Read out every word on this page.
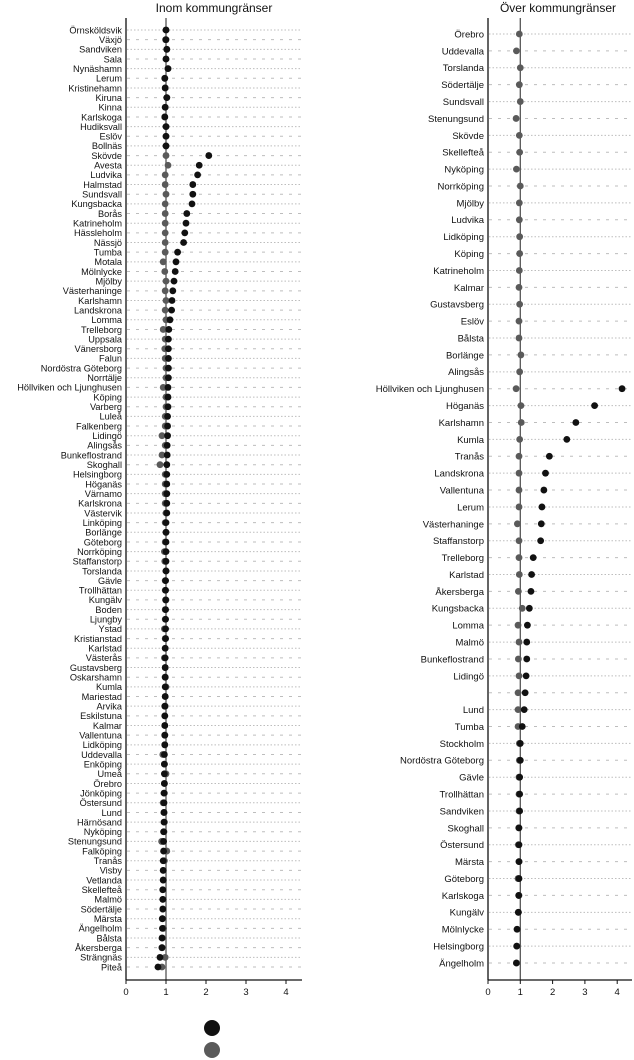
Inom kommungränser
Örnsköldsvik
Växjö
Sandviken
Sala
Nynäshamn
Lerum
Kristinehamn
Kiruna
Kinna
Karlskoga
Hudiksvall
Eslöv
Bollnäs
Skövde
Avesta
Ludvika
Halmstad
Sundsvall
Kungsbacka
Borås
Katrineholm
Hässleholm
Nässjö
Tumba
Motala
Mölnlycke
Mjölby
Västerhaninge
Karlshamn
Landskrona
Lomma
Trelleborg
Uppsala
Vänersborg
Falun
Nordöstra Göteborg
Norrtälje
Höllviken och Ljunghusen
Köping
Varberg
Luleå
Falkenberg
Lidingö
Alingsås
Bunkeflostrand
Skoghall
Helsingborg
Höganäs
Värnamo
Karlskrona
Västervik
Linköping
Borlänge
Göteborg
Norrköping
Staffanstorp
Torslanda
Gävle
Trollhättan
Kungälv
Boden
Ljungby
Ystad
Kristianstad
Karlstad
Västerås
Gustavsberg
Oskarshamn
Kumla
Mariestad
Arvika
Eskilstuna
Kalmar
Vallentuna
Lidköping
Uddevalla
Enköping
Umeå
Örebro
Jönköping
Östersund
Lund
Härnösand
Nyköping
Stenungsund
Falköping
Tranås
Visby
Vetlanda
Skellefteå
Malmö
Södertälje
Märsta
Ängelholm
Bålsta
Åkersberga
Strängnäs
Piteå
0	1	2	3	4
Över kommungränser
Örebro
Uddevalla
Torslanda
Södertälje
Sundsvall
Stenungsund
Skövde
Skellefteå
Nyköping
Norrköping
Mjölby
Ludvika
Lidköping
Köping
Katrineholm
Kalmar
Gustavsberg
Eslöv
Bålsta
Borlänge
Alingsås
Höllviken och Ljunghusen
Höganäs
Karlshamn
Kumla
Tranås
Landskrona
Vallentuna
Lerum
Västerhaninge
Staffanstorp
Trelleborg
Karlstad
Åkersberga
Kungsbacka
Lomma
Malmö
Bunkeflostrand
Lidingö
Lund
Tumba
Stockholm
Nordöstra Göteborg
Gävle
Trollhättan
Sandviken
Skoghall
Östersund
Märsta
Göteborg
Karlskoga
Kungälv
Mölnlycke
Helsingborg
Ängelholm
0	1	2	3	4
